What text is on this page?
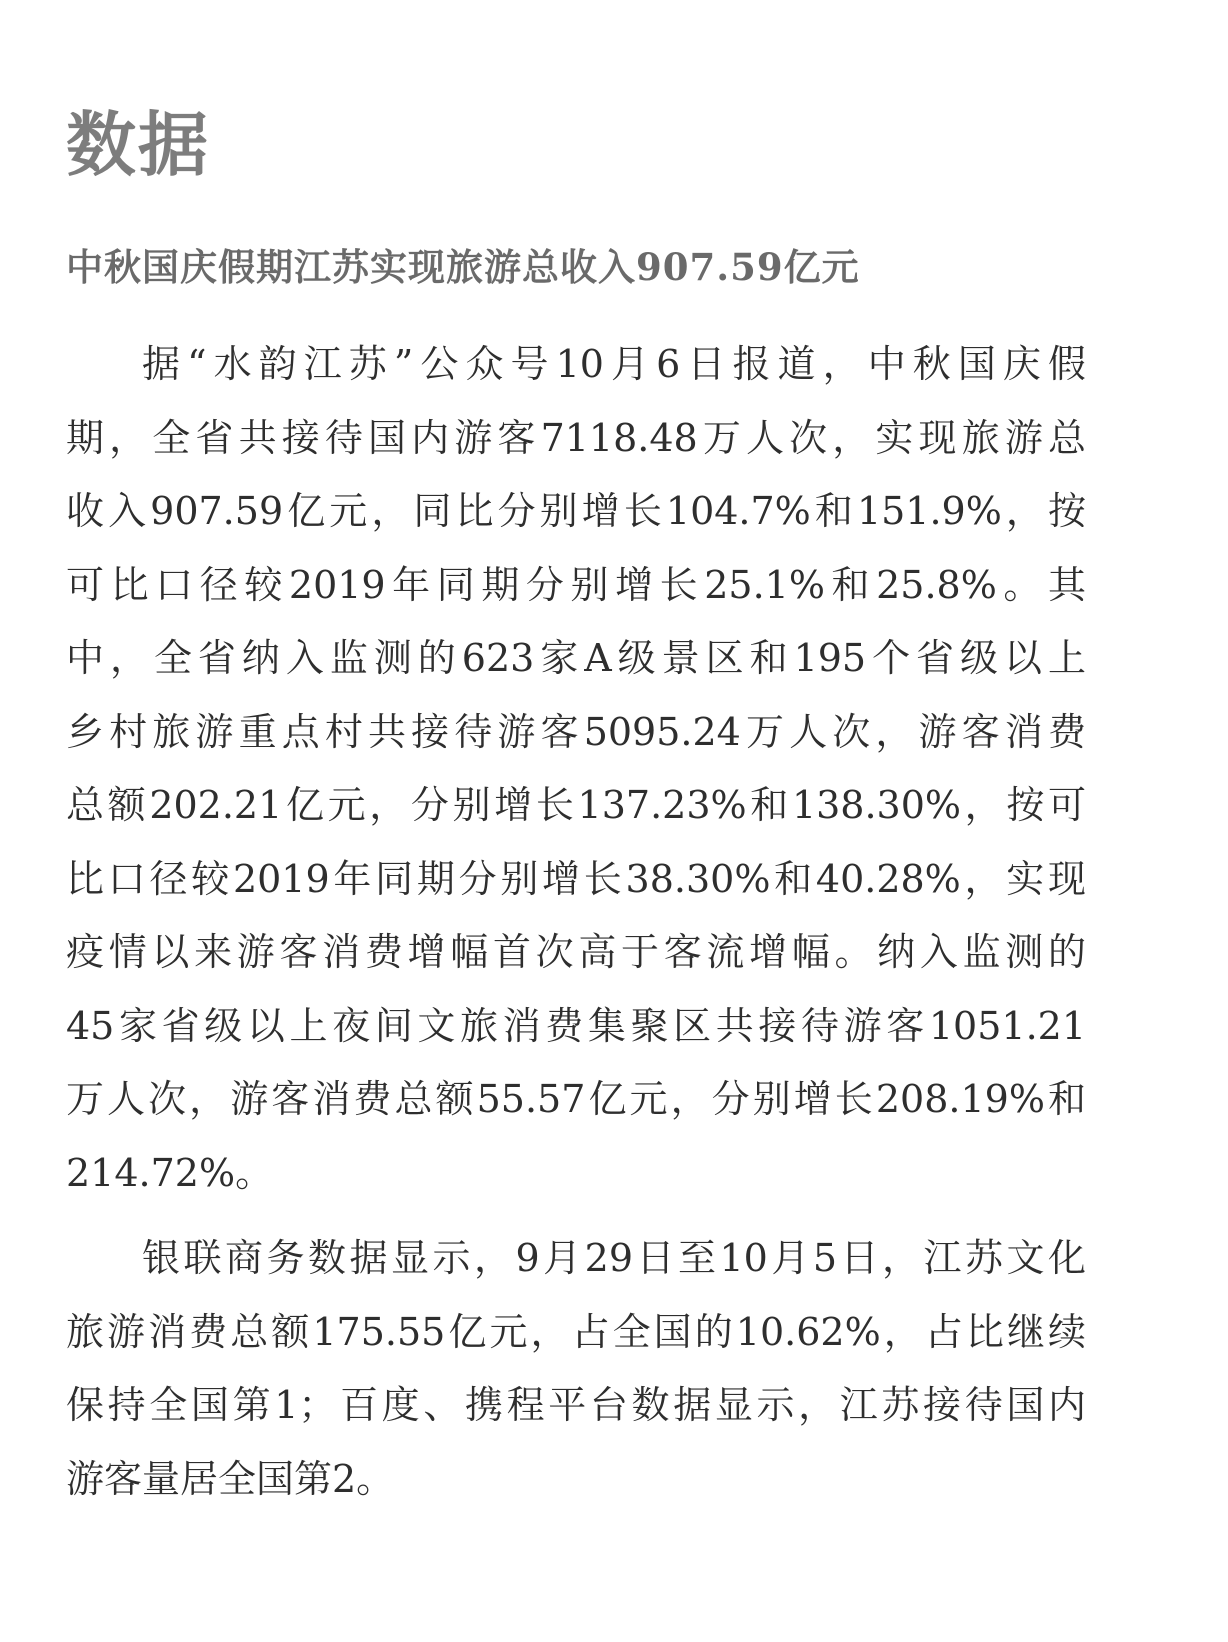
数据
中秋国庆假期江苏实现旅游总收入907.59亿元
据“水韵江苏”公众号10月6日报道，中秋国庆假
期，全省共接待国内游客7118.48万人次，实现旅游总
收入907.59亿元，同比分别增长104.7%和151.9%，按
可比口径较2019年同期分别增长25.1%和25.8%。其
中，全省纳入监测的623家A级景区和195个省级以上
乡村旅游重点村共接待游客5095.24万人次，游客消费
总额202.21亿元，分别增长137.23%和138.30%，按可
比口径较2019年同期分别增长38.30%和40.28%，实现
疫情以来游客消费增幅首次高于客流增幅。纳入监测的
45家省级以上夜间文旅消费集聚区共接待游客1051.21
万人次，游客消费总额55.57亿元，分别增长208.19%和
214.72%。
银联商务数据显示，9月29日至10月5日，江苏文化
旅游消费总额175.55亿元，占全国的10.62%，占比继续
保持全国第1；百度、携程平台数据显示，江苏接待国内
游客量居全国第2。
